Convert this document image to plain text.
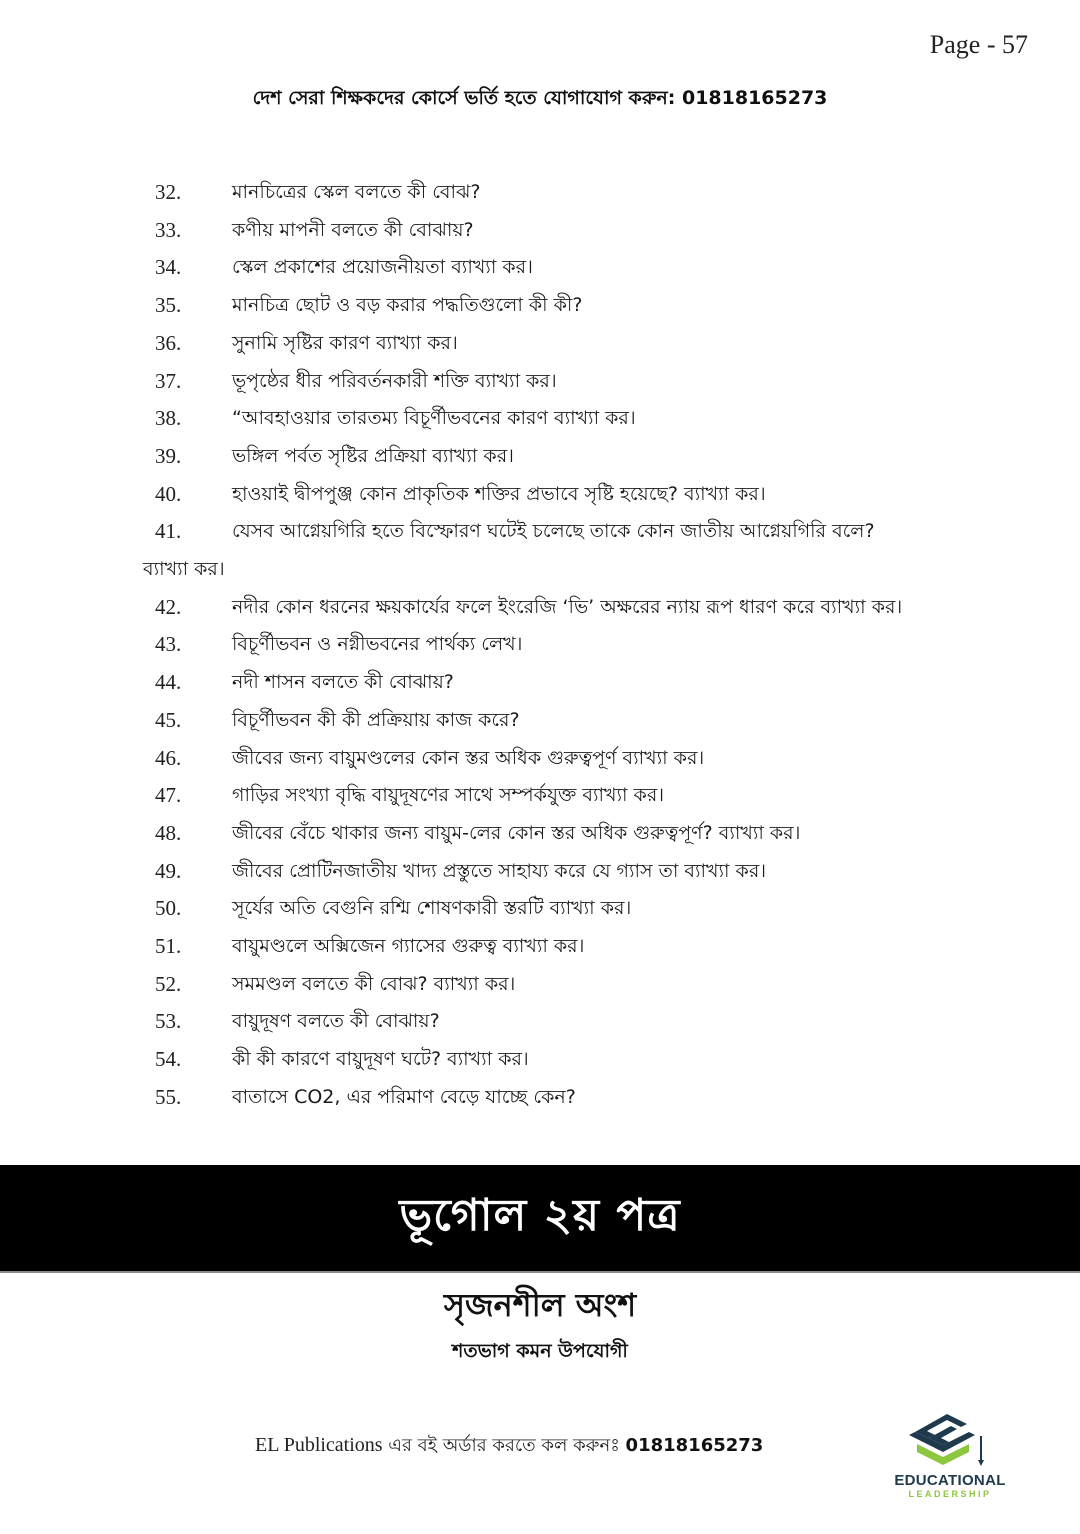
Page - 57
দেশ সেরা শিক্ষকদের কোর্সে ভর্তি হতে যোগাযোগ করুন: 01818165273
32.	মানচিত্রের স্কেল বলতে কী বোঝ?
33.	কণীয় মাপনী বলতে কী বোঝায়?
34.	স্কেল প্রকাশের প্রয়োজনীয়তা ব্যাখ্যা কর।
35.	মানচিত্র ছোট ও বড় করার পদ্ধতিগুলো কী কী?
36.	সুনামি সৃষ্টির কারণ ব্যাখ্যা কর।
37.	ভূপৃষ্ঠের ধীর পরিবর্তনকারী শক্তি ব্যাখ্যা কর।
38.	“আবহাওয়ার তারতম্য বিচূর্ণীভবনের কারণ ব্যাখ্যা কর।
39.	ভঙ্গিল পর্বত সৃষ্টির প্রক্রিয়া ব্যাখ্যা কর।
40.	হাওয়াই দ্বীপপুঞ্জ কোন প্রাকৃতিক শক্তির প্রভাবে সৃষ্টি হয়েছে? ব্যাখ্যা কর।
41.	যেসব আগ্নেয়গিরি হতে বিস্ফোরণ ঘটেই চলেছে তাকে কোন জাতীয় আগ্নেয়গিরি বলে? ব্যাখ্যা কর।
42.	নদীর কোন ধরনের ক্ষয়কার্যের ফলে ইংরেজি ‘ভি’ অক্ষরের ন্যায় রূপ ধারণ করে ব্যাখ্যা কর।
43.	বিচূর্ণীভবন ও নগ্নীভবনের পার্থক্য লেখ।
44.	নদী শাসন বলতে কী বোঝায়?
45.	বিচূর্ণীভবন কী কী প্রক্রিয়ায় কাজ করে?
46.	জীবের জন্য বায়ুমণ্ডলের কোন স্তর অধিক গুরুত্বপূর্ণ ব্যাখ্যা কর।
47.	গাড়ির সংখ্যা বৃদ্ধি বায়ুদূষণের সাথে সম্পর্কযুক্ত ব্যাখ্যা কর।
48.	জীবের বেঁচে থাকার জন্য বায়ুম-লের কোন স্তর অধিক গুরুত্বপূর্ণ? ব্যাখ্যা কর।
49.	জীবের প্রোটিনজাতীয় খাদ্য প্রস্তুতে সাহায্য করে যে গ্যাস তা ব্যাখ্যা কর।
50.	সূর্যের অতি বেগুনি রশ্মি শোষণকারী স্তরটি ব্যাখ্যা কর।
51.	বায়ুমণ্ডলে অক্সিজেন গ্যাসের গুরুত্ব ব্যাখ্যা কর।
52.	সমমণ্ডল বলতে কী বোঝ? ব্যাখ্যা কর।
53.	বায়ুদূষণ বলতে কী বোঝায়?
54.	কী কী কারণে বায়ুদূষণ ঘটে? ব্যাখ্যা কর।
55.	বাতাসে CO2, এর পরিমাণ বেড়ে যাচ্ছে কেন?
ভূগোল ২য় পত্র
সৃজনশীল অংশ
শতভাগ কমন উপযোগী
EL Publications এর বই অর্ডার করতে কল করুনঃ 01818165273
EDUCATIONAL
LEADERSHIP
